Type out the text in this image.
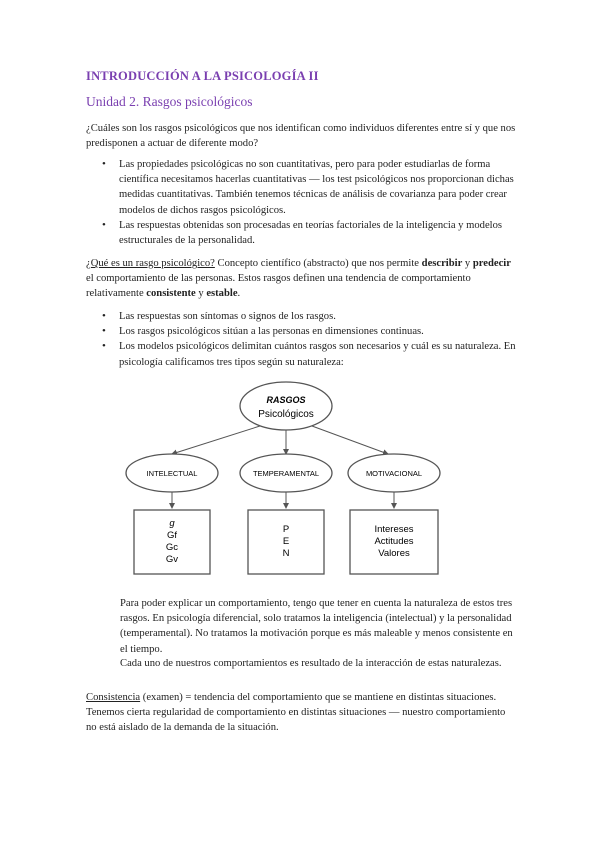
INTRODUCCIÓN A LA PSICOLOGÍA II
Unidad 2. Rasgos psicológicos
¿Cuáles son los rasgos psicológicos que nos identifican como individuos diferentes entre sí y que nos predisponen a actuar de diferente modo?
• Las propiedades psicológicas no son cuantitativas, pero para poder estudiarlas de forma científica necesitamos hacerlas cuantitativas — los test psicológicos nos proporcionan dichas medidas cuantitativas. También tenemos técnicas de análisis de covarianza para poder crear modelos de dichos rasgos psicológicos.
• Las respuestas obtenidas son procesadas en teorías factoriales de la inteligencia y modelos estructurales de la personalidad.
¿Qué es un rasgo psicológico? Concepto científico (abstracto) que nos permite describir y predecir el comportamiento de las personas. Estos rasgos definen una tendencia de comportamiento relativamente consistente y estable.
• Las respuestas son síntomas o signos de los rasgos.
• Los rasgos psicológicos sitúan a las personas en dimensiones continuas.
• Los modelos psicológicos delimitan cuántos rasgos son necesarios y cuál es su naturaleza. En psicología calificamos tres tipos según su naturaleza:
RASGOS
Psicológicos
INTELECTUAL	TEMPERAMENTAL	MOTIVACIONAL
g
Gf
Gc
Gv
P
E
N
Intereses
Actitudes
Valores
Para poder explicar un comportamiento, tengo que tener en cuenta la naturaleza de estos tres rasgos. En psicología diferencial, solo tratamos la inteligencia (intelectual) y la personalidad (temperamental). No tratamos la motivación porque es más maleable y menos consistente en el tiempo.
Cada uno de nuestros comportamientos es resultado de la interacción de estas naturalezas.
Consistencia (examen) = tendencia del comportamiento que se mantiene en distintas situaciones. Tenemos cierta regularidad de comportamiento en distintas situaciones — nuestro comportamiento no está aislado de la demanda de la situación.
